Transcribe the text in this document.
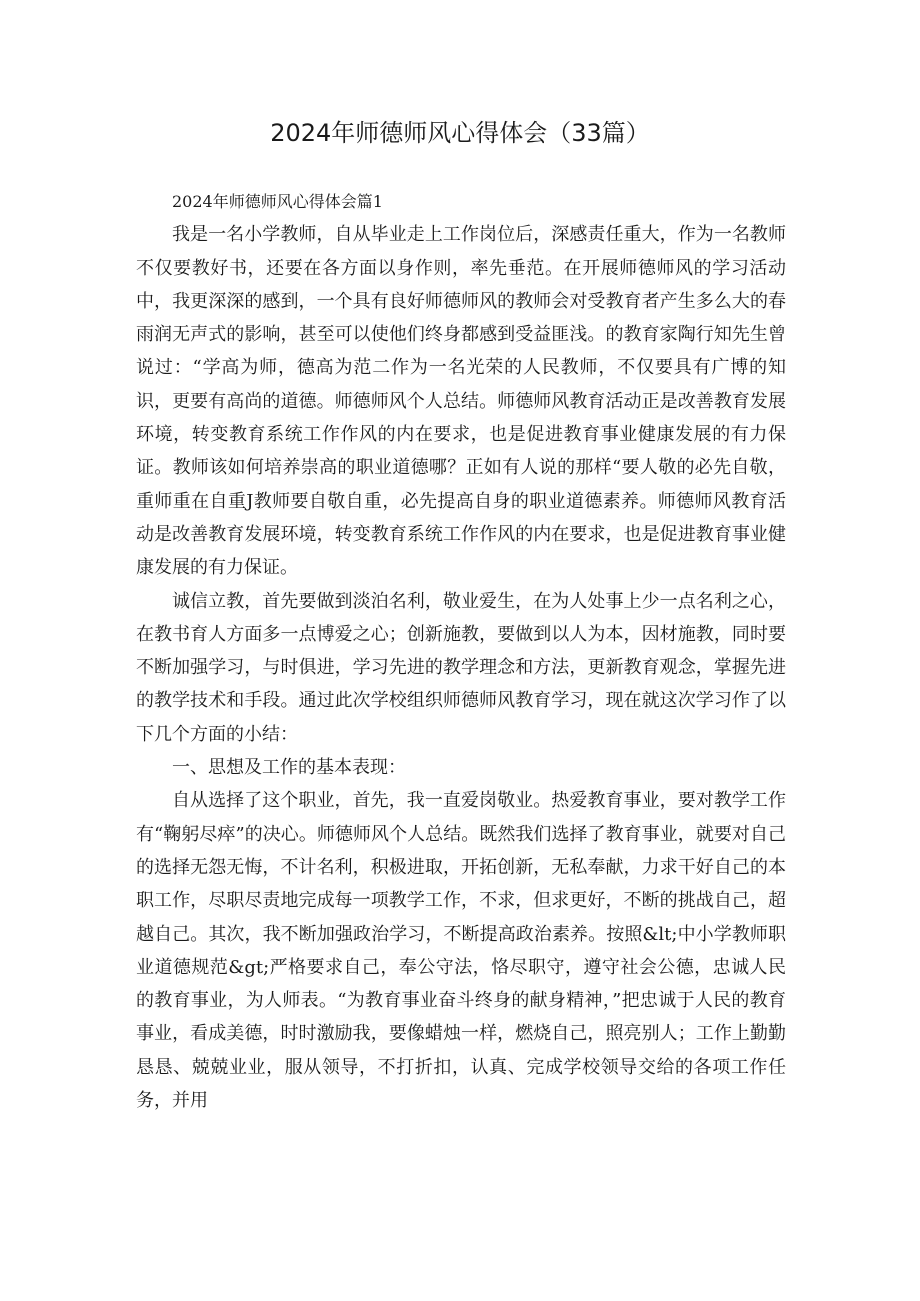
2024年师德师风心得体会（33篇）

2024年师德师风心得体会篇1

我是一名小学教师，自从毕业走上工作岗位后，深感责任重大，作为一名教师不仅要教好书，还要在各方面以身作则，率先垂范。在开展师德师风的学习活动中，我更深深的感到，一个具有良好师德师风的教师会对受教育者产生多么大的春雨润无声式的影响，甚至可以使他们终身都感到受益匪浅。的教育家陶行知先生曾说过：“学高为师，德高为范二作为一名光荣的人民教师，不仅要具有广博的知识，更要有高尚的道德。师德师风个人总结。师德师风教育活动正是改善教育发展环境，转变教育系统工作作风的内在要求，也是促进教育事业健康发展的有力保证。教师该如何培养崇高的职业道德哪？正如有人说的那样“要人敬的必先自敬，重师重在自重J教师要自敬自重，必先提高自身的职业道德素养。师德师风教育活动是改善教育发展环境，转变教育系统工作作风的内在要求，也是促进教育事业健康发展的有力保证。

诚信立教，首先要做到淡泊名利，敬业爱生，在为人处事上少一点名利之心，在教书育人方面多一点博爱之心；创新施教，要做到以人为本，因材施教，同时要不断加强学习，与时俱进，学习先进的教学理念和方法，更新教育观念，掌握先进的教学技术和手段。通过此次学校组织师德师风教育学习，现在就这次学习作了以下几个方面的小结：

一、思想及工作的基本表现：

自从选择了这个职业，首先，我一直爱岗敬业。热爱教育事业，要对教学工作有“鞠躬尽瘁”的决心。师德师风个人总结。既然我们选择了教育事业，就要对自己的选择无怨无悔，不计名利，积极进取，开拓创新，无私奉献，力求干好自己的本职工作，尽职尽责地完成每一项教学工作，不求，但求更好，不断的挑战自己，超越自己。其次，我不断加强政治学习，不断提高政治素养。按照&lt;中小学教师职业道德规范&gt;严格要求自己，奉公守法，恪尽职守，遵守社会公德，忠诚人民的教育事业，为人师表。“为教育事业奋斗终身的献身精神，”把忠诚于人民的教育事业，看成美德，时时激励我，要像蜡烛一样，燃烧自己，照亮别人；工作上勤勤恳恳、兢兢业业，服从领导，不打折扣，认真、完成学校领导交给的各项工作任务，并用
